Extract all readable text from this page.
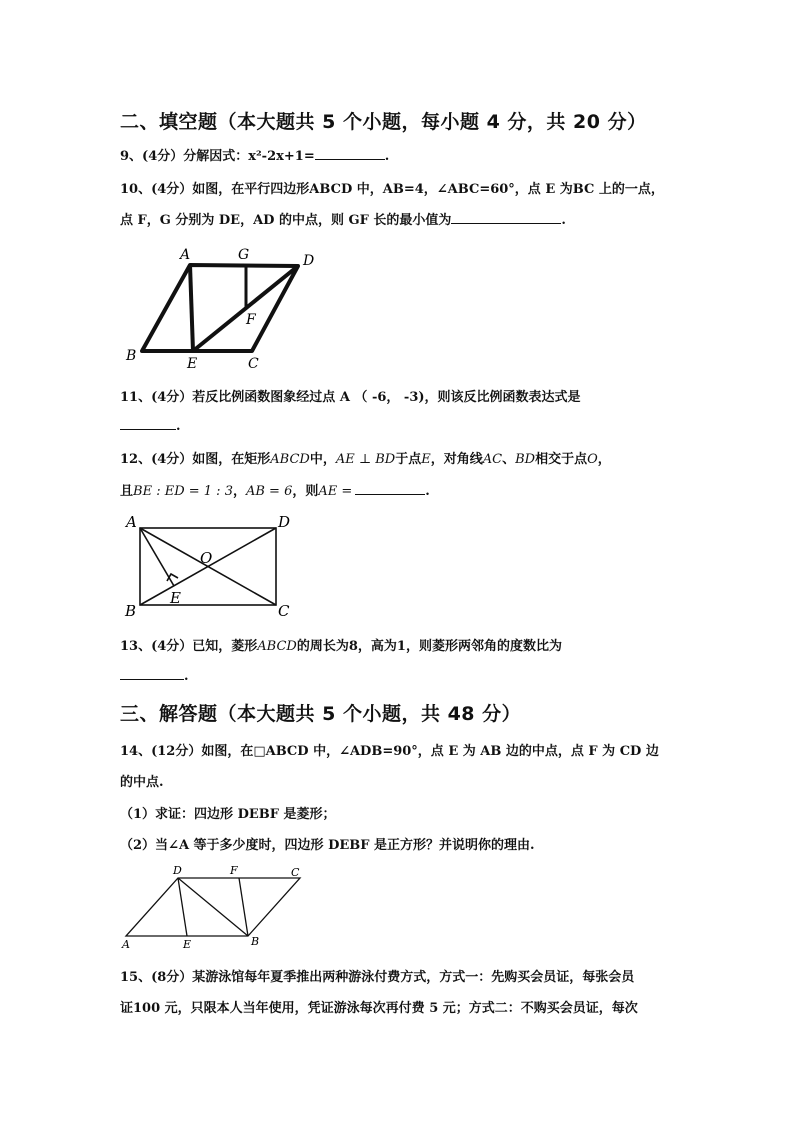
二、填空题（本大题共 5 个小题，每小题 4 分，共 20 分）
9、(4分）分解因式：x²-2x+1=	.
10、(4分）如图，在平行四边形ABCD 中，AB=4，∠ABC=60°，点 E 为BC 上的一点，
点 F，G 分别为 DE，AD 的中点，则 GF 长的最小值为	.
A	G	D
F
B	E	C
11、(4分）若反比例函数图象经过点 A （ -6， -3)，则该反比例函数表达式是
.
12、(4分）如图，在矩形ABCD中，AE ⊥ BD于点E，对角线AC、BD相交于点O，
且BE : ED = 1 : 3，AB = 6，则AE =	.
A	D
O
E
B	C
13、(4分）已知，菱形ABCD的周长为8，高为1，则菱形两邻角的度数比为
.
三、解答题（本大题共 5 个小题，共 48 分）
14、(12分）如图，在□ABCD 中，∠ADB=90°，点 E 为 AB 边的中点，点 F 为 CD 边
的中点.
（1）求证：四边形 DEBF 是菱形；
（2）当∠A 等于多少度时，四边形 DEBF 是正方形？并说明你的理由.
D	F	C
A	E	B
15、(8分）某游泳馆每年夏季推出两种游泳付费方式，方式一：先购买会员证，每张会员
证100 元，只限本人当年使用，凭证游泳每次再付费 5 元；方式二：不购买会员证，每次
